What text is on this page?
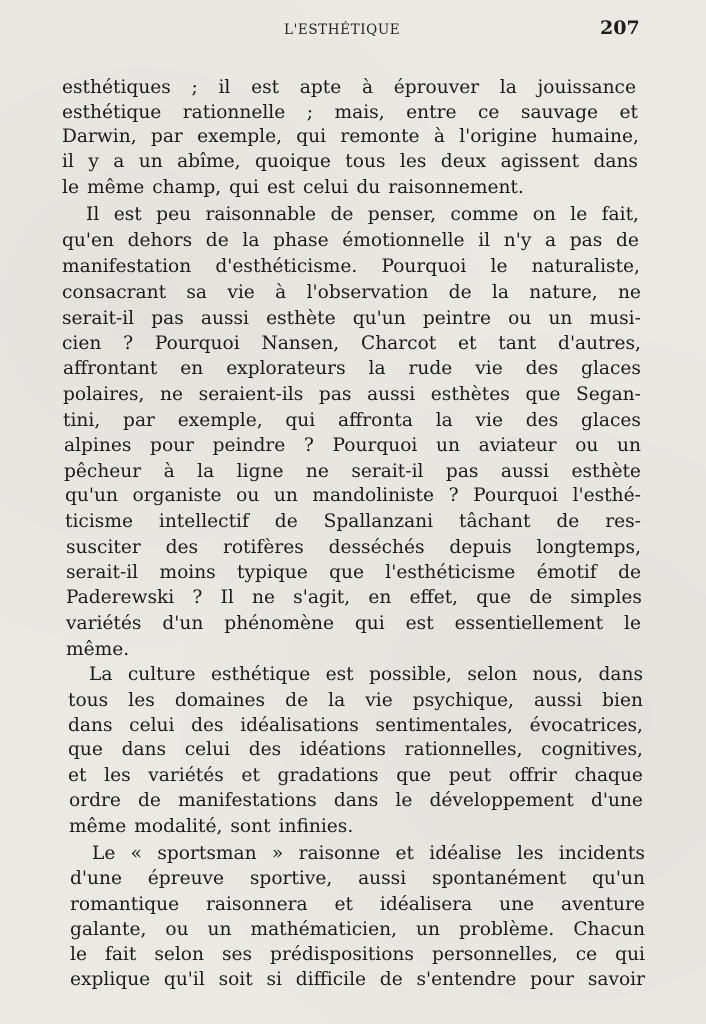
L'ESTHÉTIQUE	207
esthétiques ; il est apte à éprouver la jouissance
esthétique rationnelle ; mais, entre ce sauvage et
Darwin, par exemple, qui remonte à l'origine humaine,
il y a un abîme, quoique tous les deux agissent dans
le même champ, qui est celui du raisonnement.
Il est peu raisonnable de penser, comme on le fait,
qu'en dehors de la phase émotionnelle il n'y a pas de
manifestation d'esthéticisme. Pourquoi le naturaliste,
consacrant sa vie à l'observation de la nature, ne
serait-il pas aussi esthète qu'un peintre ou un musi-
cien ? Pourquoi Nansen, Charcot et tant d'autres,
affrontant en explorateurs la rude vie des glaces
polaires, ne seraient-ils pas aussi esthètes que Segan-
tini, par exemple, qui affronta la vie des glaces
alpines pour peindre ? Pourquoi un aviateur ou un
pêcheur à la ligne ne serait-il pas aussi esthète
qu'un organiste ou un mandoliniste ? Pourquoi l'esthé-
ticisme intellectif de Spallanzani tâchant de res-
susciter des rotifères desséchés depuis longtemps,
serait-il moins typique que l'esthéticisme émotif de
Paderewski ? Il ne s'agit, en effet, que de simples
variétés d'un phénomène qui est essentiellement le
même.
La culture esthétique est possible, selon nous, dans
tous les domaines de la vie psychique, aussi bien
dans celui des idéalisations sentimentales, évocatrices,
que dans celui des idéations rationnelles, cognitives,
et les variétés et gradations que peut offrir chaque
ordre de manifestations dans le développement d'une
même modalité, sont infinies.
Le « sportsman » raisonne et idéalise les incidents
d'une épreuve sportive, aussi spontanément qu'un
romantique raisonnera et idéalisera une aventure
galante, ou un mathématicien, un problème. Chacun
le fait selon ses prédispositions personnelles, ce qui
explique qu'il soit si difficile de s'entendre pour savoir
